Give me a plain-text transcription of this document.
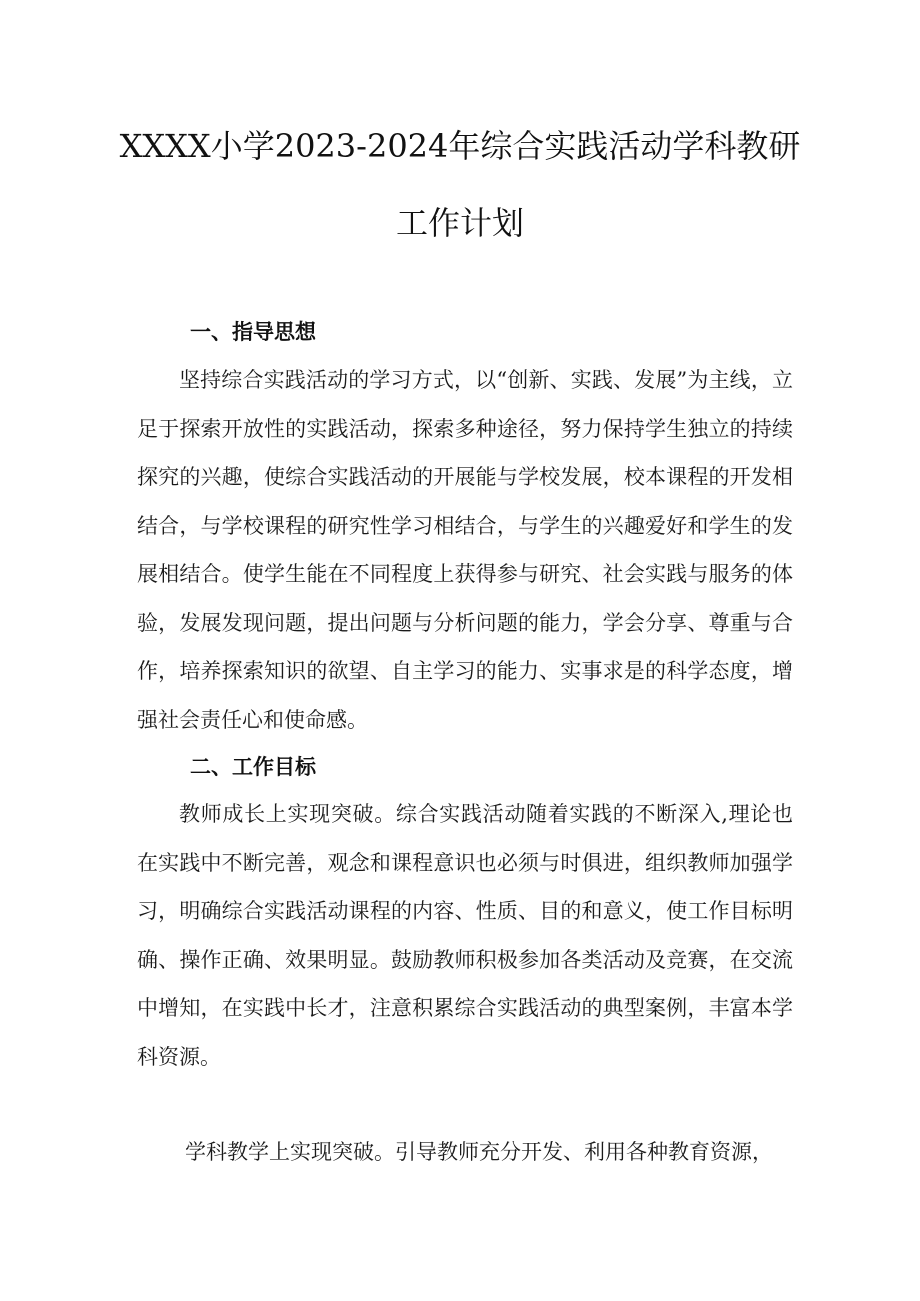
XXXX小学2023-2024年综合实践活动学科教研
工作计划
一、指导思想

坚持综合实践活动的学习方式，以“创新、实践、发展”为主线，立足于探索开放性的实践活动，探索多种途径，努力保持学生独立的持续探究的兴趣，使综合实践活动的开展能与学校发展，校本课程的开发相结合，与学校课程的研究性学习相结合，与学生的兴趣爱好和学生的发展相结合。使学生能在不同程度上获得参与研究、社会实践与服务的体验，发展发现问题，提出问题与分析问题的能力，学会分享、尊重与合作，培养探索知识的欲望、自主学习的能力、实事求是的科学态度，增强社会责任心和使命感。

二、工作目标

教师成长上实现突破。综合实践活动随着实践的不断深入,理论也在实践中不断完善，观念和课程意识也必须与时俱进，组织教师加强学习，明确综合实践活动课程的内容、性质、目的和意义，使工作目标明确、操作正确、效果明显。鼓励教师积极参加各类活动及竞赛，在交流中增知，在实践中长才，注意积累综合实践活动的典型案例，丰富本学科资源。

学科教学上实现突破。引导教师充分开发、利用各种教育资源，
